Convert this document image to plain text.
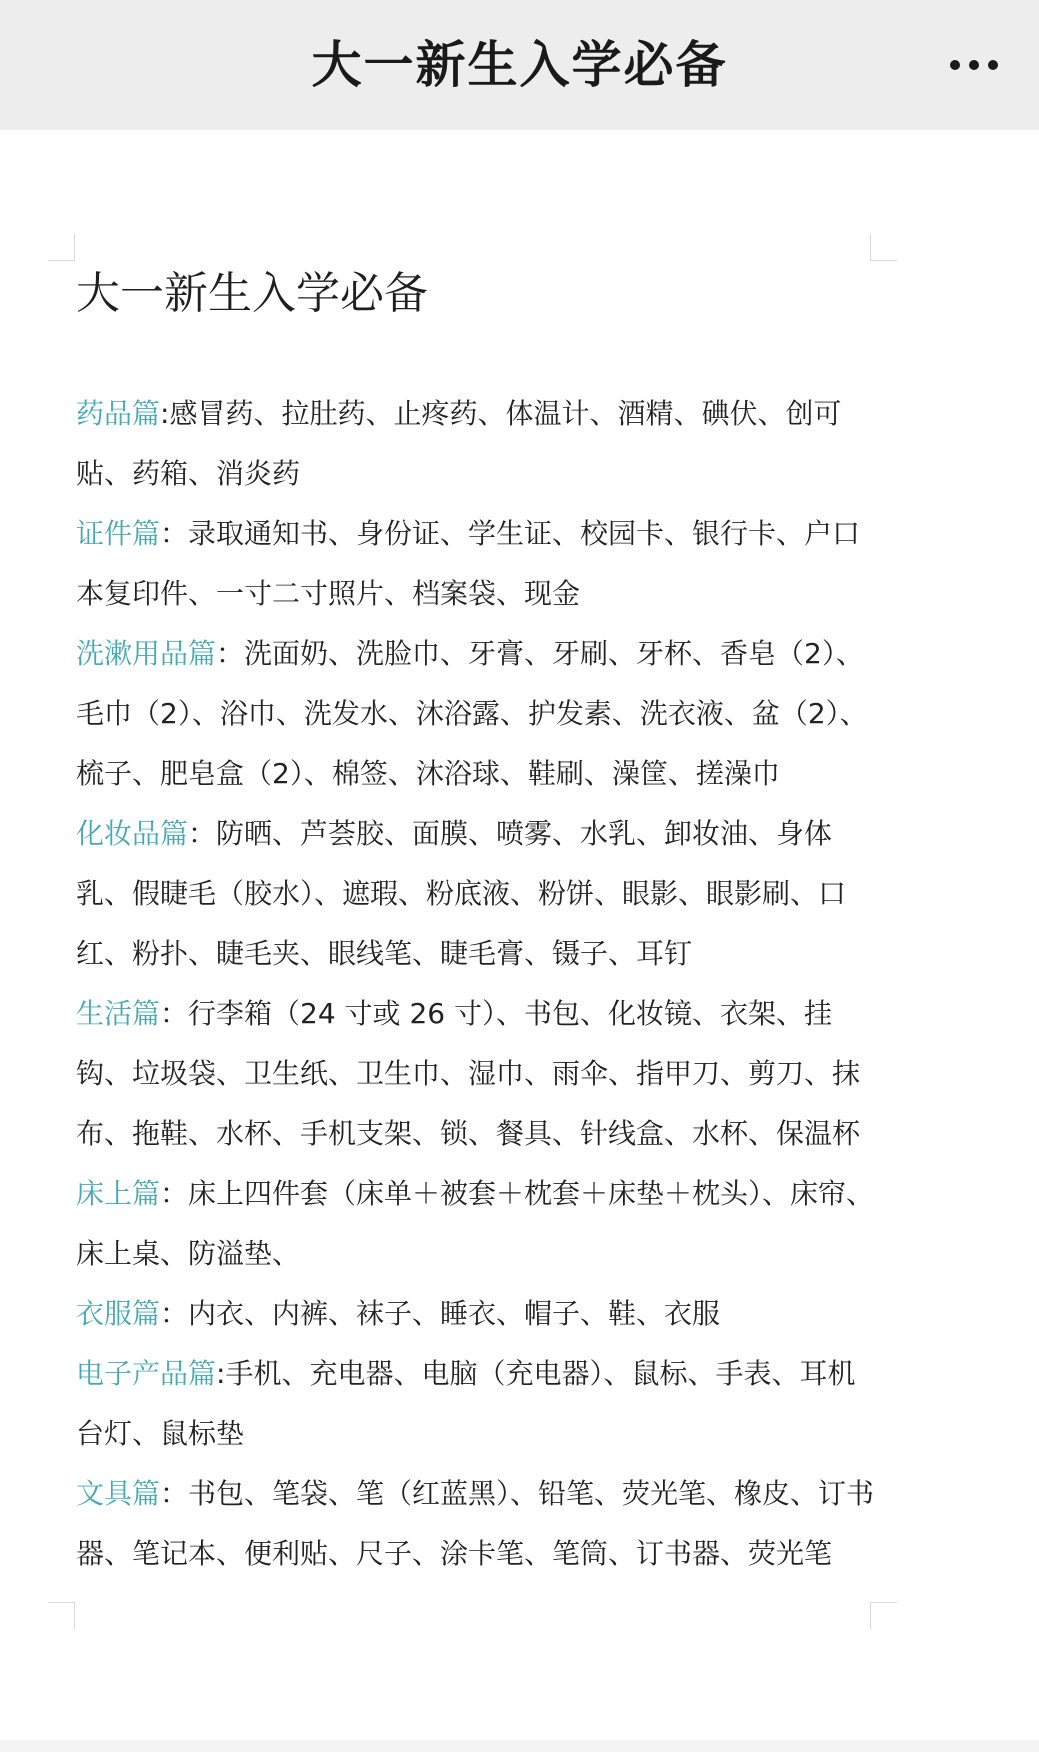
大一新生入学必备
大一新生入学必备

药品篇:感冒药、拉肚药、止疼药、体温计、酒精、碘伏、创可贴、药箱、消炎药

证件篇：录取通知书、身份证、学生证、校园卡、银行卡、户口本复印件、一寸二寸照片、档案袋、现金

洗漱用品篇：洗面奶、洗脸巾、牙膏、牙刷、牙杯、香皂（2）、毛巾（2）、浴巾、洗发水、沐浴露、护发素、洗衣液、盆（2）、梳子、肥皂盒（2）、棉签、沐浴球、鞋刷、澡筐、搓澡巾

化妆品篇：防晒、芦荟胶、面膜、喷雾、水乳、卸妆油、身体乳、假睫毛（胶水）、遮瑕、粉底液、粉饼、眼影、眼影刷、口红、粉扑、睫毛夹、眼线笔、睫毛膏、镊子、耳钉

生活篇：行李箱（24 寸或 26 寸）、书包、化妆镜、衣架、挂钩、垃圾袋、卫生纸、卫生巾、湿巾、雨伞、指甲刀、剪刀、抹布、拖鞋、水杯、手机支架、锁、餐具、针线盒、水杯、保温杯

床上篇：床上四件套（床单＋被套＋枕套＋床垫＋枕头）、床帘、床上桌、防溢垫、

衣服篇：内衣、内裤、袜子、睡衣、帽子、鞋、衣服

电子产品篇:手机、充电器、电脑（充电器）、鼠标、手表、耳机台灯、鼠标垫

文具篇：书包、笔袋、笔（红蓝黑）、铅笔、荧光笔、橡皮、订书器、笔记本、便利贴、尺子、涂卡笔、笔筒、订书器、荧光笔
